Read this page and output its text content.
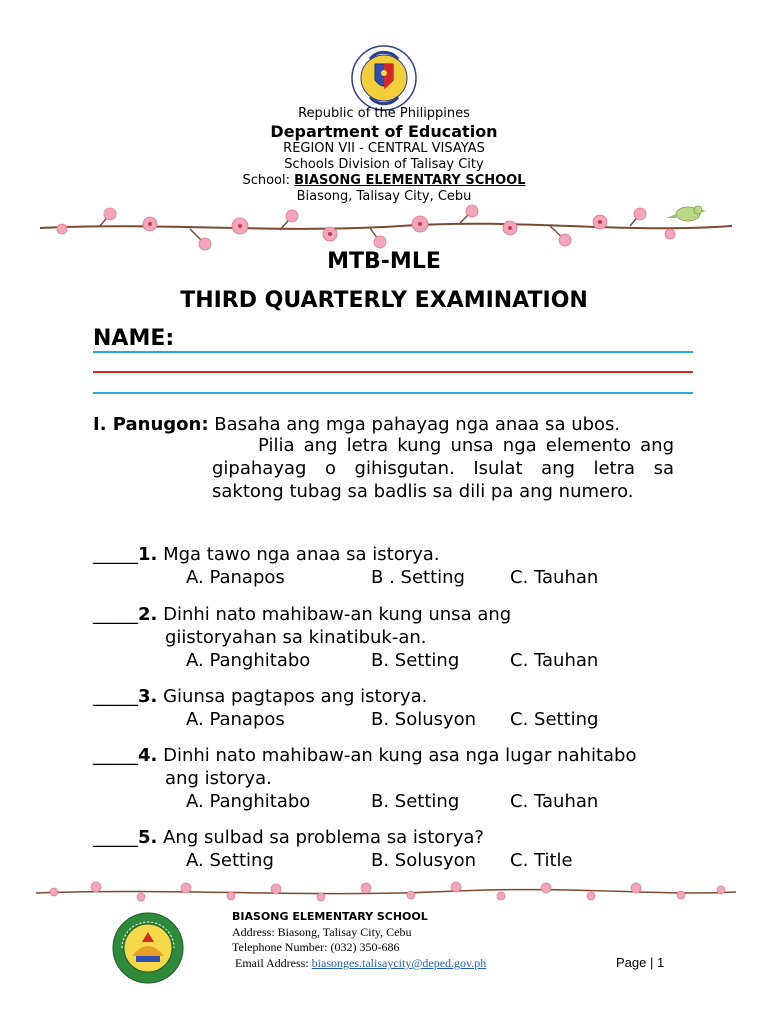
Republic of the Philippines
Department of Education
REGION VII - CENTRAL VISAYAS
Schools Division of Talisay City
School: BIASONG ELEMENTARY SCHOOL
Biasong, Talisay City, Cebu
MTB-MLE
THIRD QUARTERLY EXAMINATION
NAME:
I. Panugon: Basaha ang mga pahayag nga anaa sa ubos.
Pilia ang letra kung unsa nga elemento ang gipahayag o gihisgutan. Isulat ang letra sa saktong tubag sa badlis sa dili pa ang numero.
_____1. Mga tawo nga anaa sa istorya.
A. Panapos	B . Setting	C. Tauhan
_____2. Dinhi nato mahibaw-an kung unsa ang
giistoryahan sa kinatibuk-an.
A. Panghitabo	B. Setting	C. Tauhan
_____3. Giunsa pagtapos ang istorya.
A. Panapos	B. Solusyon C. Setting
_____4. Dinhi nato mahibaw-an kung asa nga lugar nahitabo
ang istorya.
A. Panghitabo	B. Setting	C. Tauhan
_____5. Ang sulbad sa problema sa istorya?
A. Setting	B. Solusyon C. Title
BIASONG ELEMENTARY SCHOOL
Address: Biasong, Talisay City, Cebu
Telephone Number: (032) 350-686
Email Address: biasonges.talisaycity@deped.gov.ph	Page | 1
